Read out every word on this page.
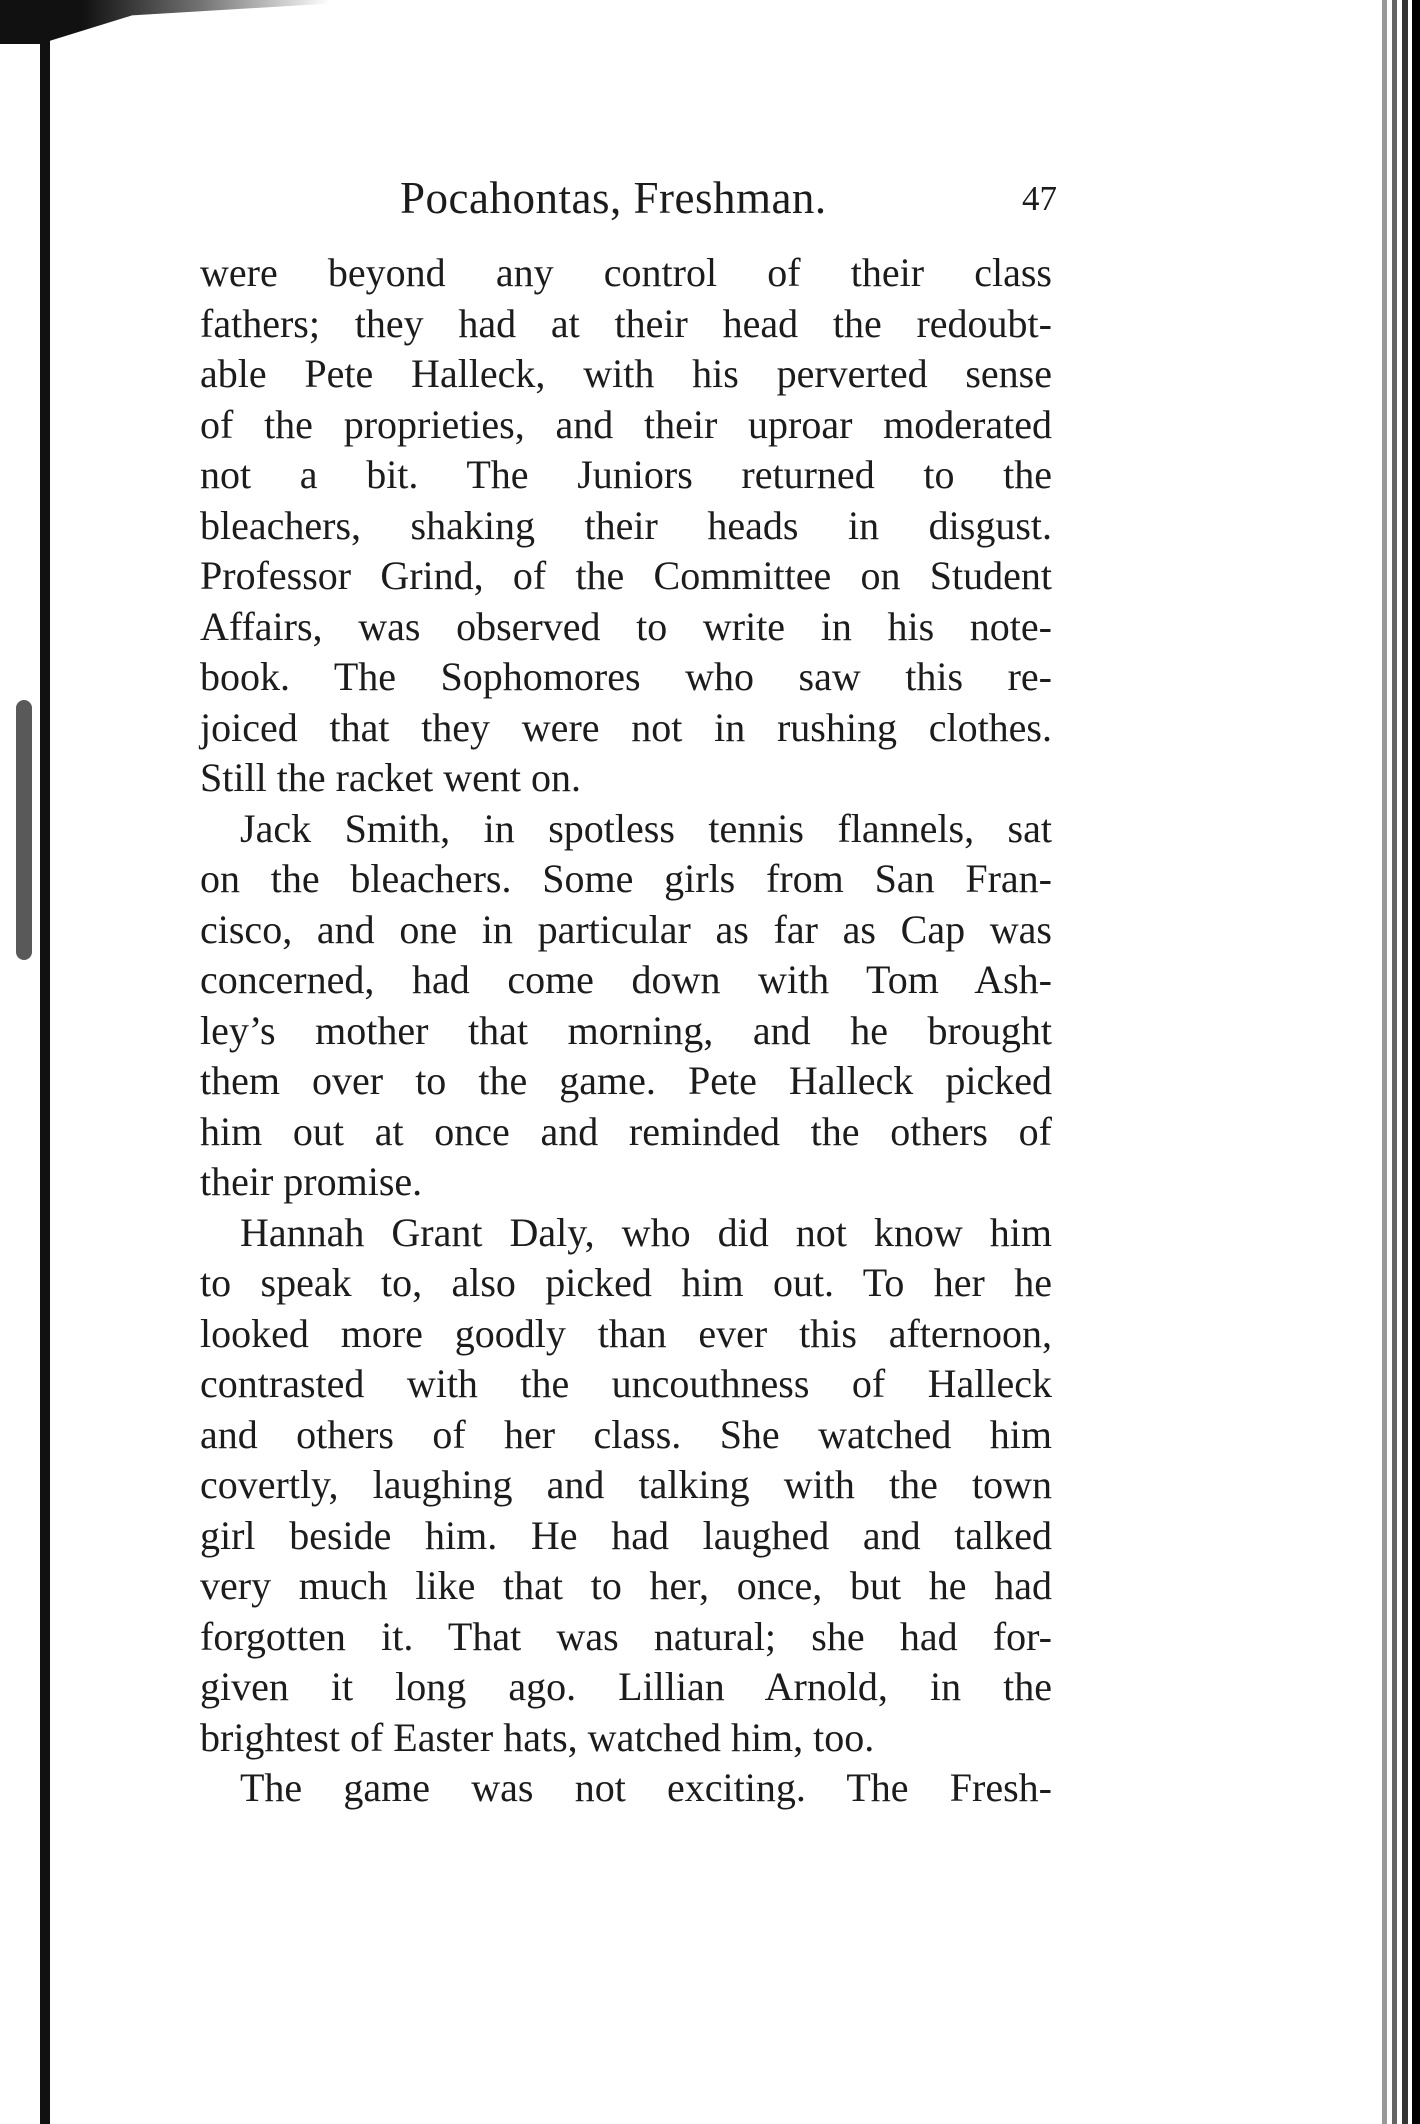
Pocahontas, Freshman.	47
were beyond any control of their class
fathers; they had at their head the redoubt-
able Pete Halleck, with his perverted sense
of the proprieties, and their uproar moderated
not a bit. The Juniors returned to the
bleachers, shaking their heads in disgust.
Professor Grind, of the Committee on Student
Affairs, was observed to write in his note-
book. The Sophomores who saw this re-
joiced that they were not in rushing clothes.
Still the racket went on.
Jack Smith, in spotless tennis flannels, sat
on the bleachers. Some girls from San Fran-
cisco, and one in particular as far as Cap was
concerned, had come down with Tom Ash-
ley’s mother that morning, and he brought
them over to the game. Pete Halleck picked
him out at once and reminded the others of
their promise.
Hannah Grant Daly, who did not know him
to speak to, also picked him out. To her he
looked more goodly than ever this afternoon,
contrasted with the uncouthness of Halleck
and others of her class. She watched him
covertly, laughing and talking with the town
girl beside him. He had laughed and talked
very much like that to her, once, but he had
forgotten it. That was natural; she had for-
given it long ago. Lillian Arnold, in the
brightest of Easter hats, watched him, too.
The game was not exciting. The Fresh-
